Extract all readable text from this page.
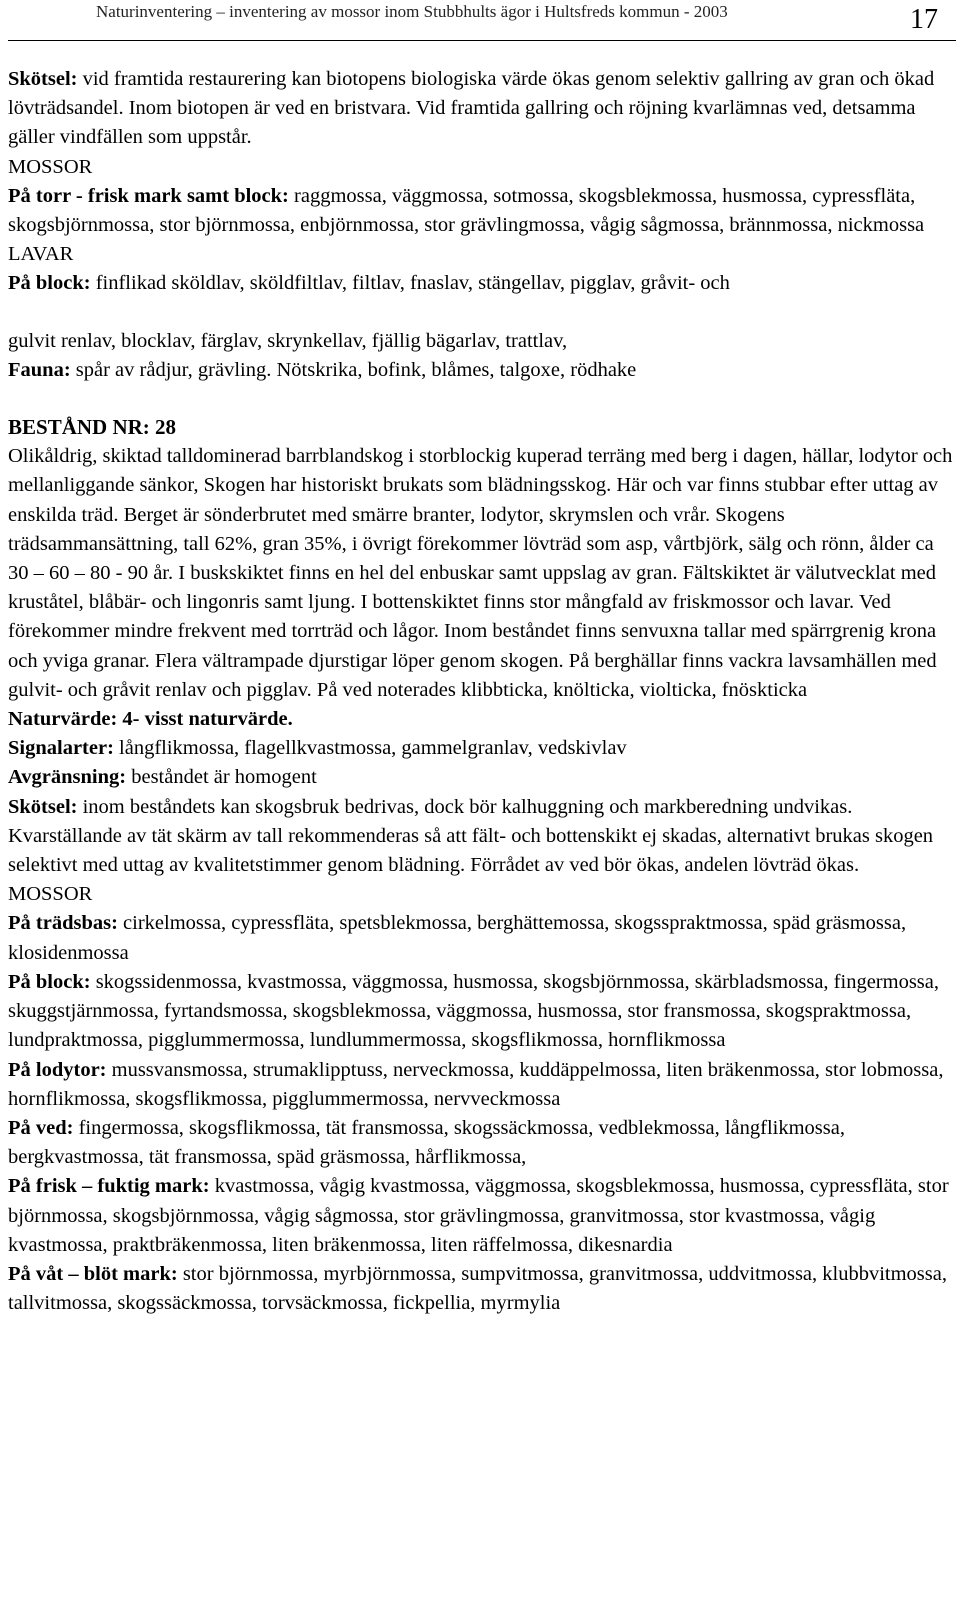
Naturinventering – inventering av mossor inom Stubbhults ägor i Hultsfreds kommun - 2003	17

Skötsel: vid framtida restaurering kan biotopens biologiska värde ökas genom selektiv gallring av gran och ökad lövträdsandel. Inom biotopen är ved en bristvara. Vid framtida gallring och röjning kvarlämnas ved, detsamma gäller vindfällen som uppstår.

MOSSOR

På torr - frisk mark samt block: raggmossa, väggmossa, sotmossa, skogsblekmossa, husmossa, cypressfläta, skogsbjörnmossa, stor björnmossa, enbjörnmossa, stor grävlingmossa, vågig sågmossa, brännmossa, nickmossa

LAVAR

På block: finflikad sköldlav, sköldfiltlav, filtlav, fnaslav, stängellav, pigglav, gråvit- och

gulvit renlav, blocklav, färglav, skrynkellav, fjällig bägarlav, trattlav,

Fauna: spår av rådjur, grävling. Nötskrika, bofink, blåmes, talgoxe, rödhake

BESTÅND NR: 28

Olikåldrig, skiktad talldominerad barrblandskog i storblockig kuperad terräng med berg i dagen, hällar, lodytor och mellanliggande sänkor, Skogen har historiskt brukats som blädningsskog. Här och var finns stubbar efter uttag av enskilda träd. Berget är sönderbrutet med smärre branter, lodytor, skrymslen och vrår. Skogens trädsammansättning, tall 62%, gran 35%, i övrigt förekommer lövträd som asp, vårtbjörk, sälg och rönn, ålder ca 30 – 60 – 80 - 90 år. I buskskiktet finns en hel del enbuskar samt uppslag av gran. Fältskiktet är välutvecklat med kruståtel, blåbär- och lingonris samt ljung. I bottenskiktet finns stor mångfald av friskmossor och lavar. Ved förekommer mindre frekvent med torrträd och lågor. Inom beståndet finns senvuxna tallar med spärrgrenig krona och yviga granar. Flera vältrampade djurstigar löper genom skogen. På berghällar finns vackra lavsamhällen med gulvit- och gråvit renlav och pigglav. På ved noterades klibbticka, knölticka, violticka, fnöskticka

Naturvärde: 4- visst naturvärde.

Signalarter: långflikmossa, flagellkvastmossa, gammelgranlav, vedskivlav

Avgränsning: beståndet är homogent

Skötsel: inom beståndets kan skogsbruk bedrivas, dock bör kalhuggning och markberedning undvikas. Kvarställande av tät skärm av tall rekommenderas så att fält- och bottenskikt ej skadas, alternativt brukas skogen selektivt med uttag av kvalitetstimmer genom blädning. Förrådet av ved bör ökas, andelen lövträd ökas.

MOSSOR

På trädsbas: cirkelmossa, cypressfläta, spetsblekmossa, berghättemossa, skogsspraktmossa, späd gräsmossa, klosidenmossa

På block: skogssidenmossa, kvastmossa, väggmossa, husmossa, skogsbjörnmossa, skärbladsmossa, fingermossa, skuggstjärnmossa, fyrtandsmossa, skogsblekmossa, väggmossa, husmossa, stor fransmossa, skogspraktmossa, lundpraktmossa, pigglummermossa, lundlummermossa, skogsflikmossa, hornflikmossa

På lodytor: mussvansmossa, strumaklipptuss, nerveckmossa, kuddäppelmossa, liten bräkenmossa, stor lobmossa, hornflikmossa, skogsflikmossa, pigglummermossa, nervveckmossa

På ved: fingermossa, skogsflikmossa, tät fransmossa, skogssäckmossa, vedblekmossa, långflikmossa, bergkvastmossa, tät fransmossa, späd gräsmossa, hårflikmossa,

På frisk – fuktig mark: kvastmossa, vågig kvastmossa, väggmossa, skogsblekmossa, husmossa, cypressfläta, stor björnmossa, skogsbjörnmossa, vågig sågmossa, stor grävlingmossa, granvitmossa, stor kvastmossa, vågig kvastmossa, praktbräkenmossa, liten bräkenmossa, liten räffelmossa, dikesnardia

På våt – blöt mark: stor björnmossa, myrbjörnmossa, sumpvitmossa, granvitmossa, uddvitmossa, klubbvitmossa, tallvitmossa, skogssäckmossa, torvsäckmossa, fickpellia, myrmylia
